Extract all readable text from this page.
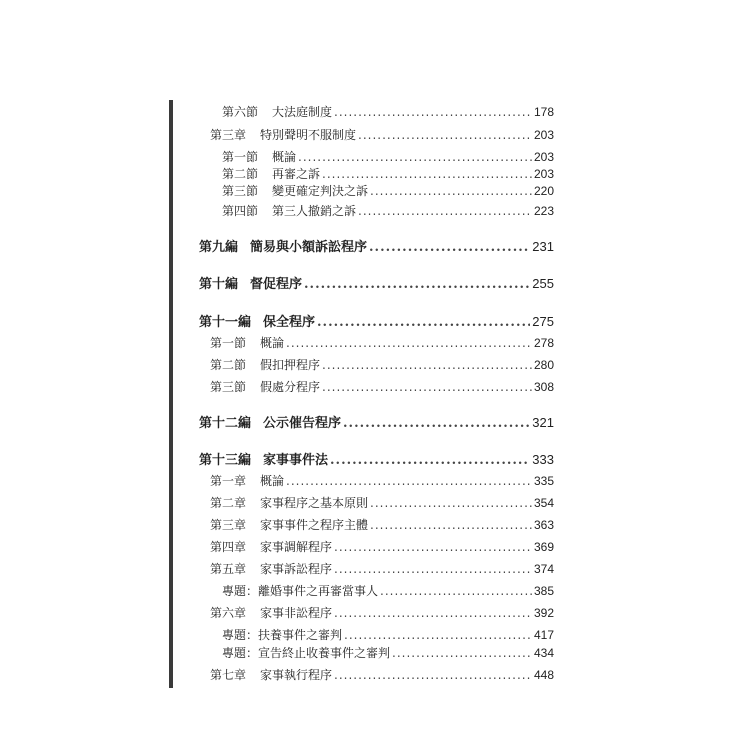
第六節 大法庭制度 .....	178
第三章 特別聲明不服制度 .....	203
第一節 概論 .....	203
第二節 再審之訴 .....	203
第三節 變更確定判決之訴 .....	220
第四節 第三人撤銷之訴 .....	223
第九編 簡易與小額訴訟程序 .....	231
第十編 督促程序 .....	255
第十一編 保全程序 .....	275
第一節 概論 .....	278
第二節 假扣押程序 .....	280
第三節 假處分程序 .....	308
第十二編 公示催告程序 .....	321
第十三編 家事事件法 .....	333
第一章 概論 .....	335
第二章 家事程序之基本原則 .....	354
第三章 家事事件之程序主體 .....	363
第四章 家事調解程序 .....	369
第五章 家事訴訟程序 .....	374
專題： 離婚事件之再審當事人 .....	385
第六章 家事非訟程序 .....	392
專題： 扶養事件之審判 .....	417
專題： 宣告終止收養事件之審判 .....	434
第七章 家事執行程序 .....	448
